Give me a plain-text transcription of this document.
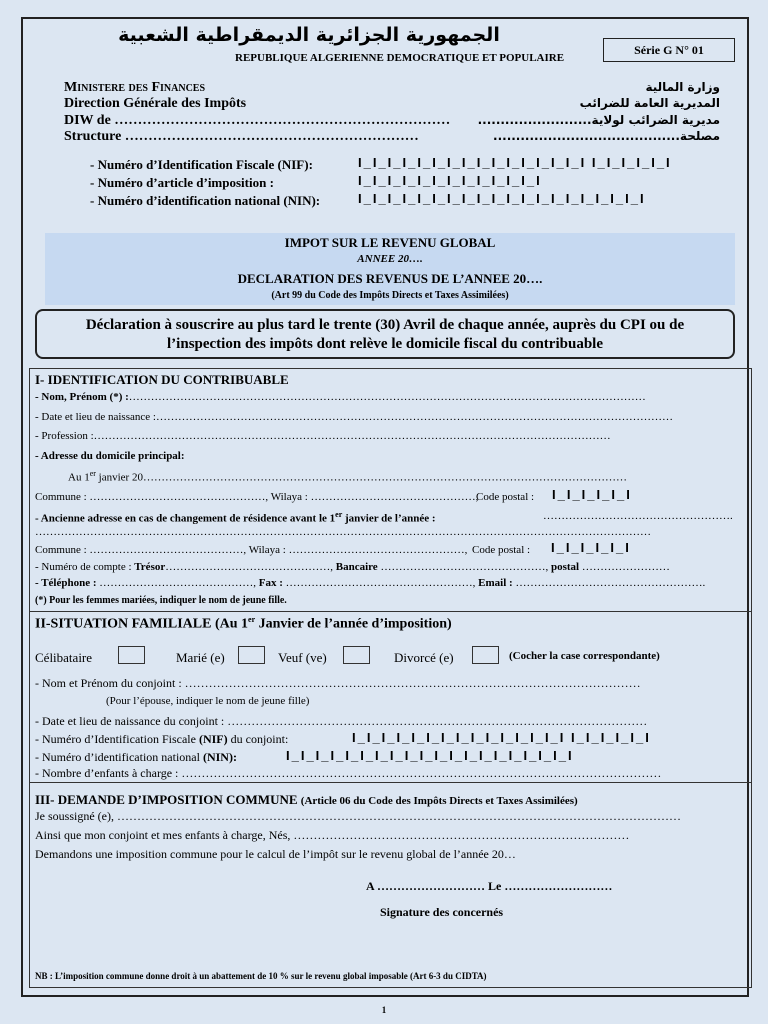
الجمهورية الجزائرية الديمقراطية الشعبية
REPUBLIQUE ALGERIENNE DEMOCRATIQUE ET POPULAIRE
Série G N° 01
Ministere des Finances
Direction Générale des Impôts
DIW de ………………………………………………………………
Structure ………………………………………………………
وزارة المالية
المديرية العامة للضرائب
مديرية الضرائب لولاية.........................
مصلحة.........................................
- Numéro d’Identification Fiscale (NIF):	I_I_I_I_I_I_I_I_I_I_I_I_I_I_I_I I_I_I_I_I_I
- Numéro d’article d’imposition :	I_I_I_I_I_I_I_I_I_I_I_I_I
- Numéro d’identification national (NIN):	I_I_I_I_I_I_I_I_I_I_I_I_I_I_I_I_I_I_I_I
IMPOT SUR LE REVENU GLOBAL
ANNEE 20….
DECLARATION DES REVENUS DE L’ANNEE 20….
(Art 99 du Code des Impôts Directs et Taxes Assimilées)
Déclaration à souscrire au plus tard le trente (30) Avril de chaque année, auprès du CPI ou de
l’inspection des impôts dont relève le domicile fiscal du contribuable
I- IDENTIFICATION DU CONTRIBUABLE
- Nom, Prénom (*) :……………………………………………………………………………………………………………………………
- Date et lieu de naissance :……………………………………………………………………………………………………………………………
- Profession :……………………………………………………………………………………………………………………………
- Adresse du domicile principal:
Au 1er janvier 20……………………………………………………………………………………………………………………
Commune : …………………………………………, Wilaya : ………………………………………,
Code postal : I_I_I_I_I_I
- Ancienne adresse en cas de changement de résidence avant le 1er janvier de l’année :	…………………………………………….
……………………………………………………………………………………………………………………………………………………
Commune : ……………………………………, Wilaya : …………………………………………, Code postal : I_I_I_I_I_I
- Numéro de compte : Trésor………………………………………, Bancaire ………………………………………, postal ……………………
- Téléphone : ……………………………………, Fax : ……………………………………………, Email : …………………………………………….
(*) Pour les femmes mariées, indiquer le nom de jeune fille.
II-SITUATION FAMILIALE (Au 1er Janvier de l’année d’imposition)
Célibataire	Marié (e)	Veuf (ve)	Divorcé (e)	(Cocher la case correspondante)
- Nom et Prénom du conjoint : ……………………………………………………………………………………………………
(Pour l’épouse, indiquer le nom de jeune fille)
- Date et lieu de naissance du conjoint : ……………………………………………………………………………………………
- Numéro d’Identification Fiscale (NIF) du conjoint:	I_I_I_I_I_I_I_I_I_I_I_I_I_I_I I_I_I_I_I_I
- Numéro d’identification national (NIN):	I_I_I_I_I_I_I_I_I_I_I_I_I_I_I_I_I_I_I_I
- Nombre d’enfants à charge : …………………………………………………………………………………………………………
III- DEMANDE D’IMPOSITION COMMUNE (Article 06 du Code des Impôts Directs et Taxes Assimilées)
Je soussigné (e), ……………………………………………………………………………………………………………………………
Ainsi que mon conjoint et mes enfants à charge, Nés, …………………………………………………………………………
Demandons une imposition commune pour le calcul de l’impôt sur le revenu global de l’année 20…
A ……………………… Le ………………………
Signature des concernés
NB : L’imposition commune donne droit à un abattement de 10 % sur le revenu global imposable (Art 6-3 du CIDTA)
1
